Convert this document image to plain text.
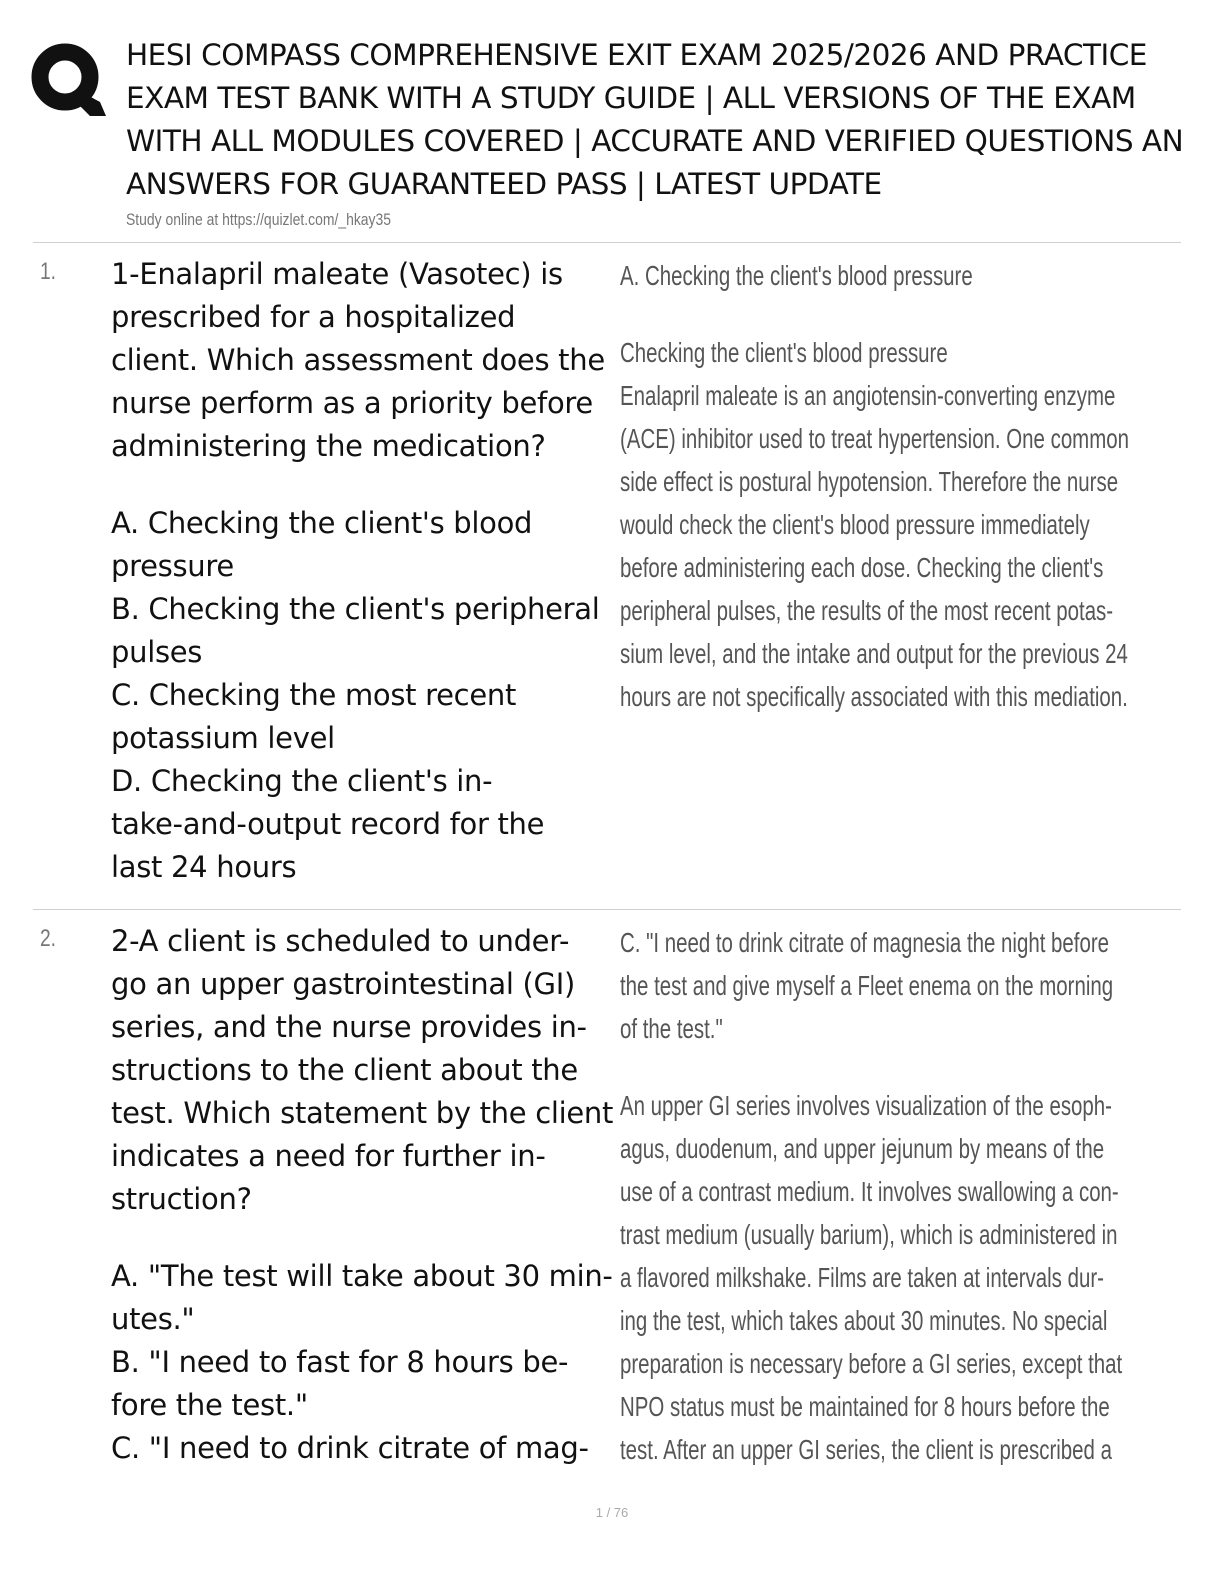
HESI COMPASS COMPREHENSIVE EXIT EXAM 2025/2026 AND PRACTICE
EXAM TEST BANK WITH A STUDY GUIDE | ALL VERSIONS OF THE EXAM
WITH ALL MODULES COVERED | ACCURATE AND VERIFIED QUESTIONS AN
ANSWERS FOR GUARANTEED PASS | LATEST UPDATE
Study online at https://quizlet.com/_hkay35
1. 1-Enalapril maleate (Vasotec) is
prescribed for a hospitalized
client. Which assessment does the
nurse perform as a priority before
administering the medication?
A. Checking the client's blood
pressure
B. Checking the client's peripheral
pulses
C. Checking the most recent
potassium level
D. Checking the client's in-
take-and-output record for the
last 24 hours
A. Checking the client's blood pressure
Checking the client's blood pressure
Enalapril maleate is an angiotensin-converting enzyme
(ACE) inhibitor used to treat hypertension. One common
side effect is postural hypotension. Therefore the nurse
would check the client's blood pressure immediately
before administering each dose. Checking the client's
peripheral pulses, the results of the most recent potas-
sium level, and the intake and output for the previous 24
hours are not specifically associated with this mediation.
2. 2-A client is scheduled to under-
go an upper gastrointestinal (GI)
series, and the nurse provides in-
structions to the client about the
test. Which statement by the client
indicates a need for further in-
struction?
A. "The test will take about 30 min-
utes."
B. "I need to fast for 8 hours be-
fore the test."
C. "I need to drink citrate of mag-
C. "I need to drink citrate of magnesia the night before
the test and give myself a Fleet enema on the morning
of the test."
An upper GI series involves visualization of the esoph-
agus, duodenum, and upper jejunum by means of the
use of a contrast medium. It involves swallowing a con-
trast medium (usually barium), which is administered in
a flavored milkshake. Films are taken at intervals dur-
ing the test, which takes about 30 minutes. No special
preparation is necessary before a GI series, except that
NPO status must be maintained for 8 hours before the
test. After an upper GI series, the client is prescribed a
1 / 76
